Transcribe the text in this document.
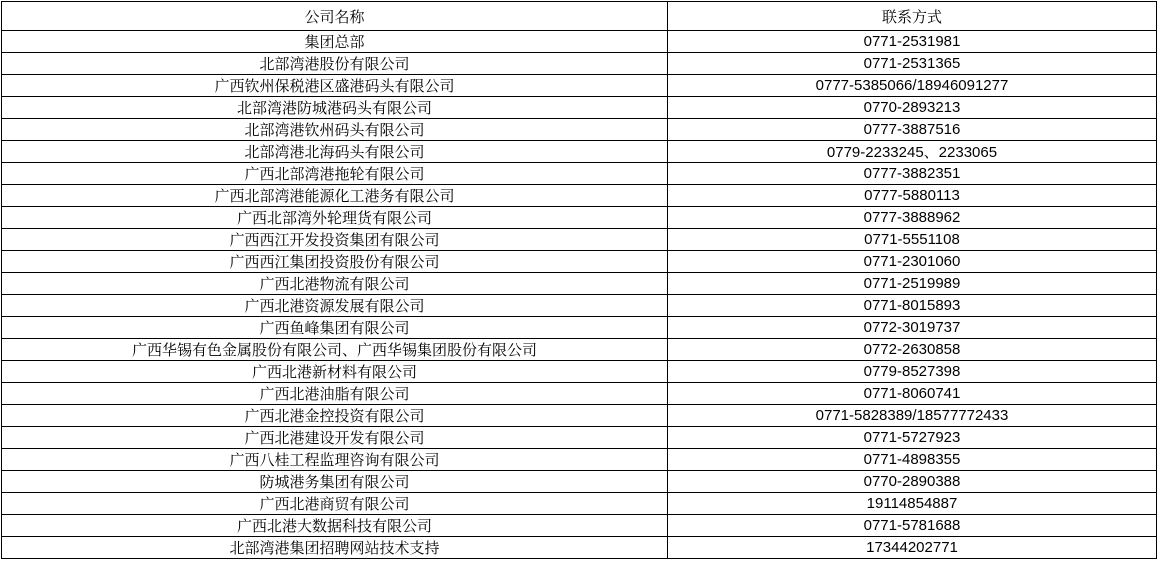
公司名称	联系方式
集团总部	0771-2531981
北部湾港股份有限公司	0771-2531365
广西钦州保税港区盛港码头有限公司	0777-5385066/18946091277
北部湾港防城港码头有限公司	0770-2893213
北部湾港钦州码头有限公司	0777-3887516
北部湾港北海码头有限公司	0779-2233245、2233065
广西北部湾港拖轮有限公司	0777-3882351
广西北部湾港能源化工港务有限公司	0777-5880113
广西北部湾外轮理货有限公司	0777-3888962
广西西江开发投资集团有限公司	0771-5551108
广西西江集团投资股份有限公司	0771-2301060
广西北港物流有限公司	0771-2519989
广西北港资源发展有限公司	0771-8015893
广西鱼峰集团有限公司	0772-3019737
广西华锡有色金属股份有限公司、广西华锡集团股份有限公司	0772-2630858
广西北港新材料有限公司	0779-8527398
广西北港油脂有限公司	0771-8060741
广西北港金控投资有限公司	0771-5828389/18577772433
广西北港建设开发有限公司	0771-5727923
广西八桂工程监理咨询有限公司	0771-4898355
防城港务集团有限公司	0770-2890388
广西北港商贸有限公司	19114854887
广西北港大数据科技有限公司	0771-5781688
北部湾港集团招聘网站技术支持	17344202771
